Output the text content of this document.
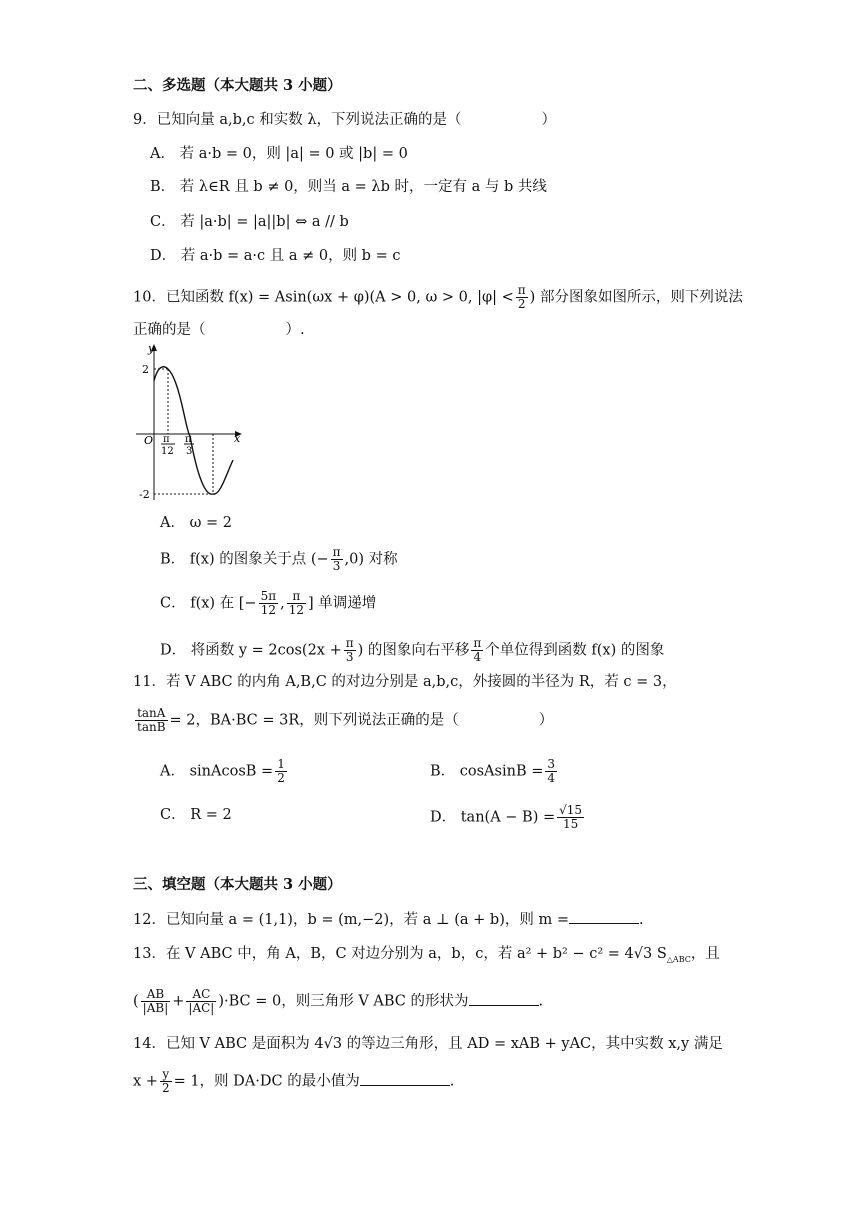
二、多选题（本大题共 3 小题）
9．已知向量 a,b,c 和实数 λ，下列说法正确的是（	）
A． 若 a·b = 0，则 |a| = 0 或 |b| = 0
B． 若 λ∈R 且 b ≠ 0，则当 a = λb 时，一定有 a 与 b 共线
C． 若 |a·b| = |a||b| ⇔ a // b
D． 若 a·b = a·c 且 a ≠ 0，则 b = c
10．已知函数 f(x) = Asin(ωx + φ)(A > 0, ω > 0, $|\varphi| < \frac{\pi}{2}$ ) 部分图象如图所示，则下列说法
正确的是（	）.
y
x
O
2
-2
π
12
π
3
A． ω = 2
B． f(x) 的图象关于点 (− $\frac{\pi}{3} ,0$) 对称
C． f(x) 在 [− $\frac{5\pi}{12}$ , $\frac{\pi}{12}$ ] 单调递增
D． 将函数 $y = 2\cos(2x + \frac{\pi}{3}$ ) 的图象向右平移 $\frac{\pi}{4}$ 个单位得到函数 f(x) 的图象
11．若 V ABC 的内角 A,B,C 的对边分别是 a,b,c，外接圆的半径为 R，若 c = 3，
$\frac{\tan A}{\tan B} = 2$，BA·BC = 3R，则下列说法正确的是（	）
A． sinAcosB = $\frac{1}{2}$	B． cosAsinB = $\frac{3}{4}$
C． R = 2	D． $\tan(A - B) = \frac{√15}{15}$
三、填空题（本大题共 3 小题）
12．已知向量 a = (1,1)，b = (m,−2)，若 a ⊥ (a + b)，则 m =	.
13．在 V ABC 中，角 A，B，C 对边分别为 a，b，c，若 a² + b² − c² = 4√3 $S_{\triangle ABC}$，且
( $\frac{AB}{|AB|} + \frac{AC}{|AC|} )\cdot BC = 0$，则三角形 V ABC 的形状为	.
14．已知 V ABC 是面积为 4√3 的等边三角形，且 AD = xAB + yAC，其中实数 x,y 满足
$x + \frac{y}{2} = 1$，则 DA·DC 的最小值为	.
